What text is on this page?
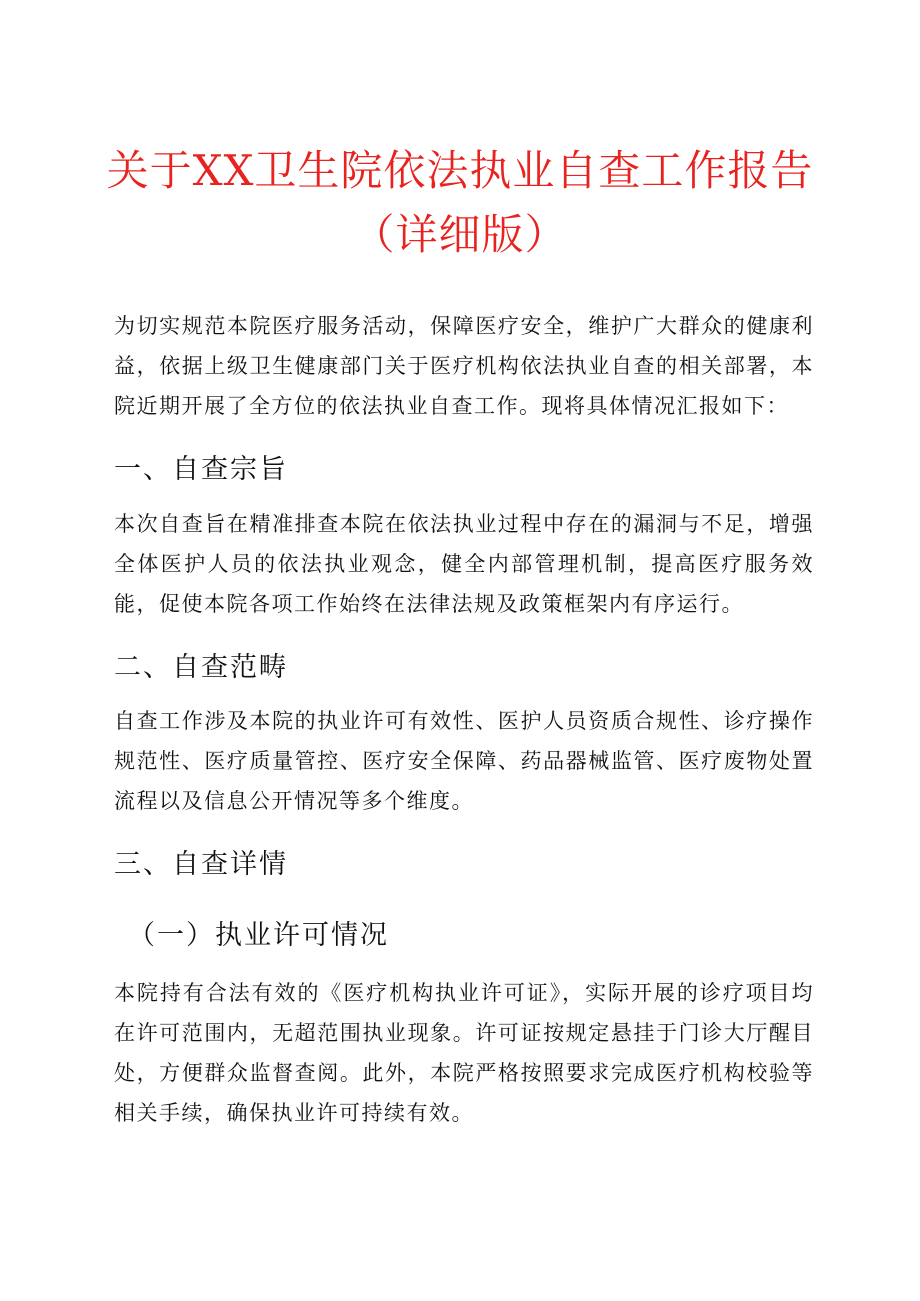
关于XX卫生院依法执业自查工作报告
（详细版）

为切实规范本院医疗服务活动，保障医疗安全，维护广大群众的健康利益，依据上级卫生健康部门关于医疗机构依法执业自查的相关部署，本院近期开展了全方位的依法执业自查工作。现将具体情况汇报如下：

一、自查宗旨

本次自查旨在精准排查本院在依法执业过程中存在的漏洞与不足，增强全体医护人员的依法执业观念，健全内部管理机制，提高医疗服务效能，促使本院各项工作始终在法律法规及政策框架内有序运行。

二、自查范畴

自查工作涉及本院的执业许可有效性、医护人员资质合规性、诊疗操作规范性、医疗质量管控、医疗安全保障、药品器械监管、医疗废物处置流程以及信息公开情况等多个维度。

三、自查详情
（一）执业许可情况

本院持有合法有效的《医疗机构执业许可证》，实际开展的诊疗项目均在许可范围内，无超范围执业现象。许可证按规定悬挂于门诊大厅醒目处，方便群众监督查阅。此外，本院严格按照要求完成医疗机构校验等相关手续，确保执业许可持续有效。
